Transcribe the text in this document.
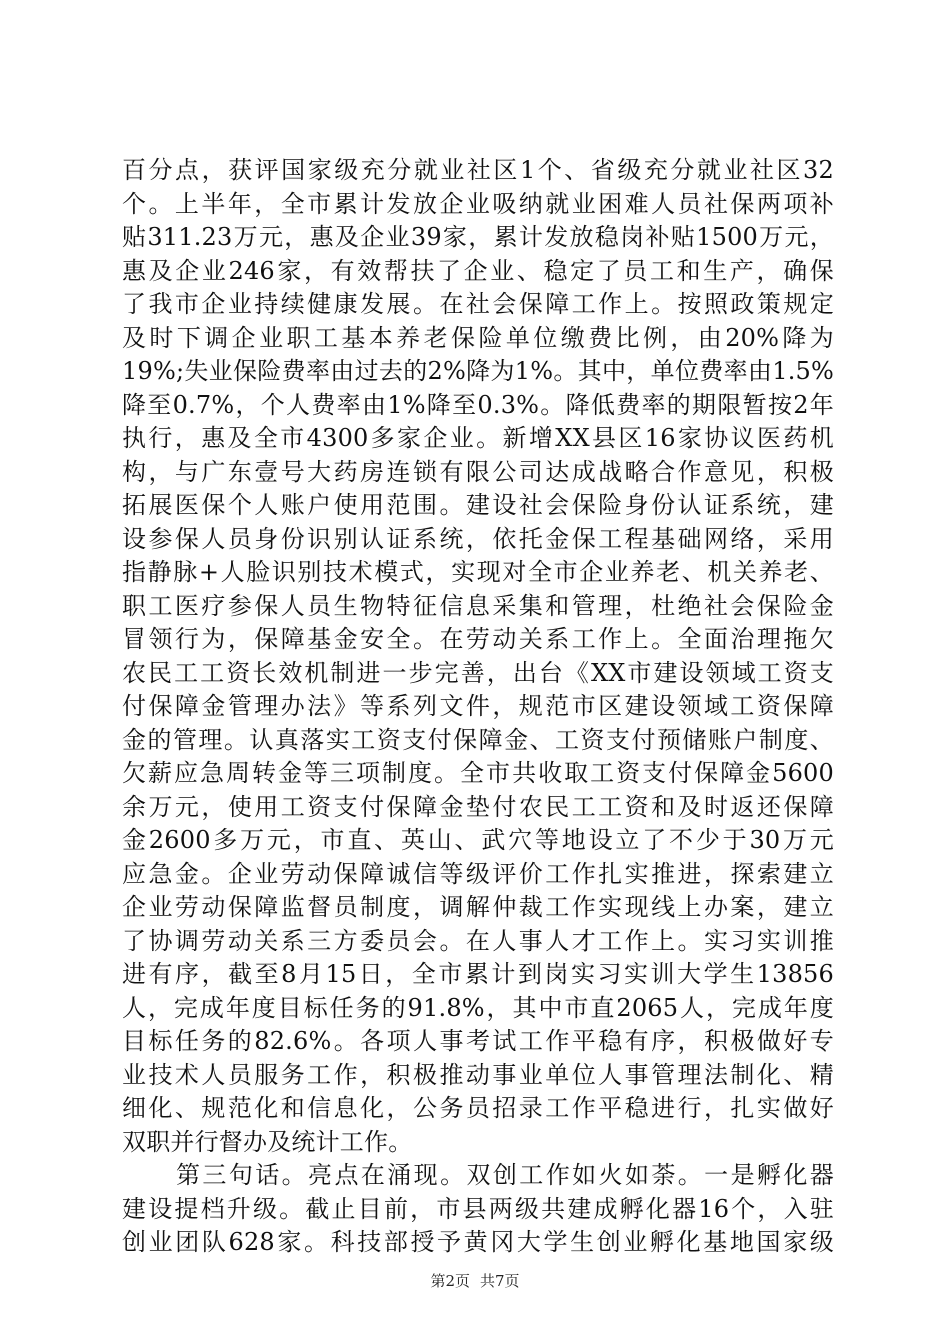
百分点，获评国家级充分就业社区1个、省级充分就业社区32
个。上半年，全市累计发放企业吸纳就业困难人员社保两项补
贴311.23万元，惠及企业39家，累计发放稳岗补贴1500万元，
惠及企业246家，有效帮扶了企业、稳定了员工和生产，确保
了我市企业持续健康发展。在社会保障工作上。按照政策规定
及时下调企业职工基本养老保险单位缴费比例，由20%降为
19%;失业保险费率由过去的2%降为1%。其中，单位费率由1.5%
降至0.7%，个人费率由1%降至0.3%。降低费率的期限暂按2年
执行，惠及全市4300多家企业。新增XX县区16家协议医药机
构，与广东壹号大药房连锁有限公司达成战略合作意见，积极
拓展医保个人账户使用范围。建设社会保险身份认证系统，建
设参保人员身份识别认证系统，依托金保工程基础网络，采用
指静脉+人脸识别技术模式，实现对全市企业养老、机关养老、
职工医疗参保人员生物特征信息采集和管理，杜绝社会保险金
冒领行为，保障基金安全。在劳动关系工作上。全面治理拖欠
农民工工资长效机制进一步完善，出台《XX市建设领域工资支
付保障金管理办法》等系列文件，规范市区建设领域工资保障
金的管理。认真落实工资支付保障金、工资支付预储账户制度、
欠薪应急周转金等三项制度。全市共收取工资支付保障金5600
余万元，使用工资支付保障金垫付农民工工资和及时返还保障
金2600多万元，市直、英山、武穴等地设立了不少于30万元
应急金。企业劳动保障诚信等级评价工作扎实推进，探索建立
企业劳动保障监督员制度，调解仲裁工作实现线上办案，建立
了协调劳动关系三方委员会。在人事人才工作上。实习实训推
进有序，截至8月15日，全市累计到岗实习实训大学生13856
人，完成年度目标任务的91.8%，其中市直2065人，完成年度
目标任务的82.6%。各项人事考试工作平稳有序，积极做好专
业技术人员服务工作，积极推动事业单位人事管理法制化、精
细化、规范化和信息化，公务员招录工作平稳进行，扎实做好
双职并行督办及统计工作。
第三句话。亮点在涌现。双创工作如火如荼。一是孵化器
建设提档升级。截止目前，市县两级共建成孵化器16个，入驻
创业团队628家。科技部授予黄冈大学生创业孵化基地国家级
第2页 共7页
